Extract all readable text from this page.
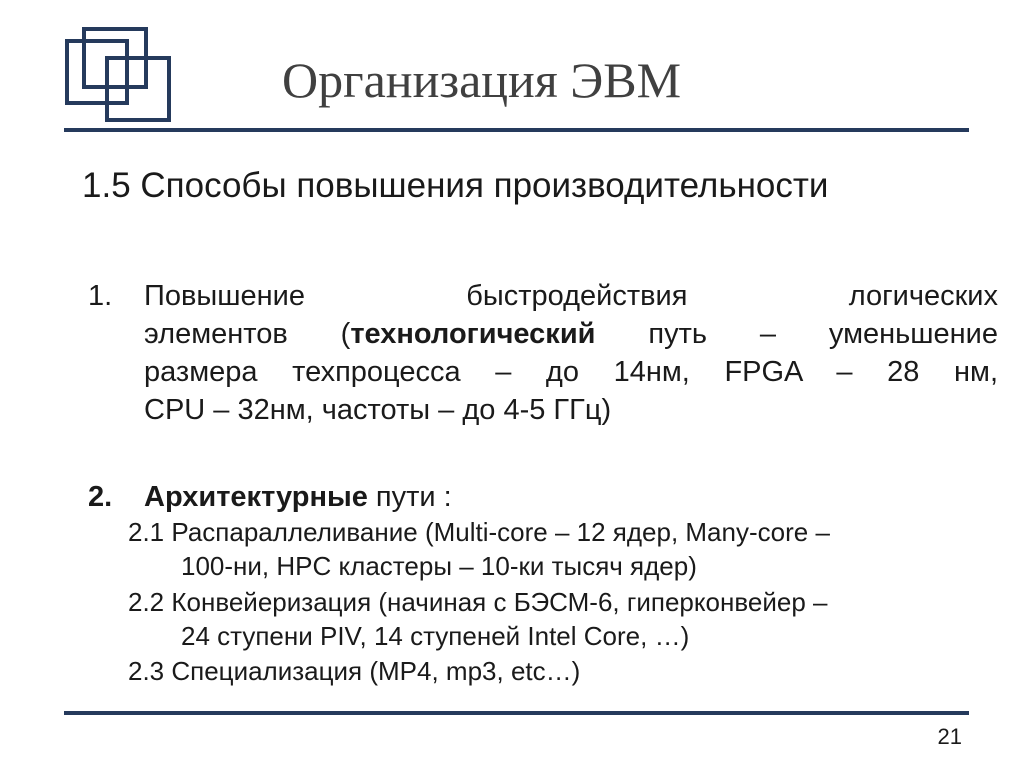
Организация ЭВМ
1.5 Способы повышения производительности
1. Повышение быстродействия логических
элементов (технологический путь – уменьшение
размера техпроцесса – до 14нм, FPGA – 28 нм,
CPU – 32нм, частоты – до 4-5 ГГц)
2. Архитектурные пути :
2.1 Распараллеливание (Multi-core – 12 ядер, Many-core –
100-ни, HPC кластеры – 10-ки тысяч ядер)
2.2 Конвейеризация (начиная с БЭСМ-6, гиперконвейер –
24 ступени PIV, 14 ступеней Intel Core, …)
2.3 Специализация (MP4, mp3, etc…)
21
